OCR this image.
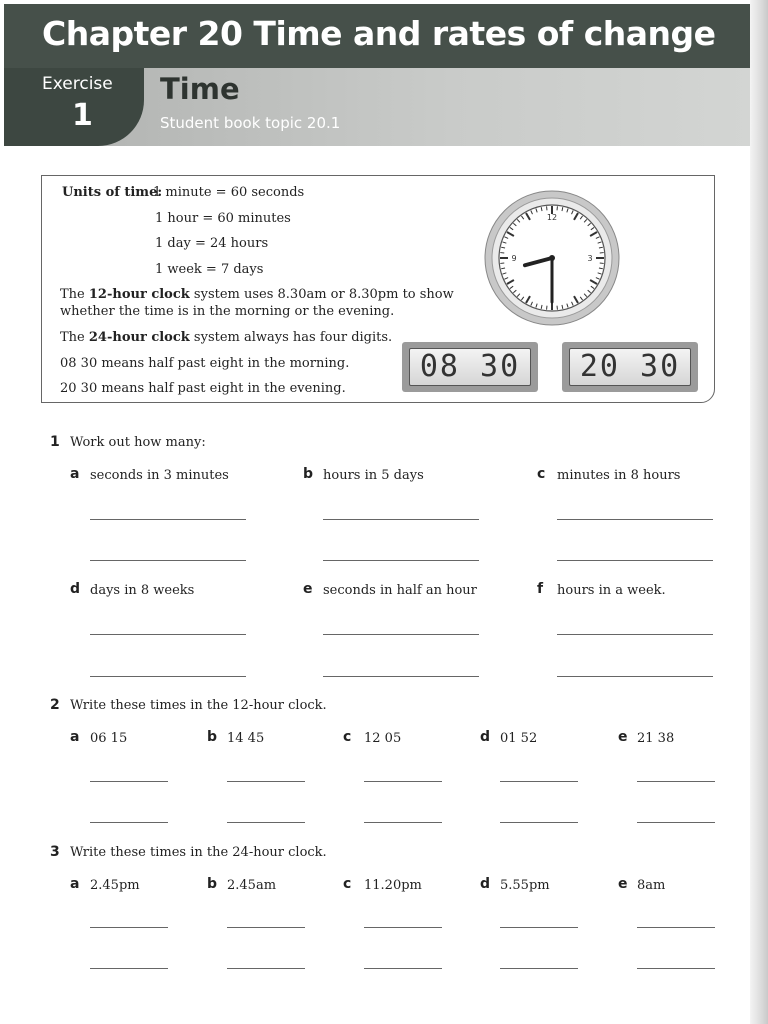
Chapter 20 Time and rates of change
Time
Student book topic 20.1
Exercise
1
Units of time:
1 minute = 60 seconds
1 hour = 60 minutes
1 day = 24 hours
1 week = 7 days
The 12-hour clock system uses 8.30am or 8.30pm to show
whether the time is in the morning or the evening.
The 24-hour clock system always has four digits.
08 30 means half past eight in the morning.
20 30 means half past eight in the evening.
12
3
9
08 30	20 30
1 Work out how many:
a seconds in 3 minutes	b hours in 5 days	c minutes in 8 hours
d days in 8 weeks	e seconds in half an hour	f hours in a week.
2 Write these times in the 12-hour clock.
a 06 15	b 14 45	c 12 05	d 01 52	e 21 38
3 Write these times in the 24-hour clock.
a 2.45pm	b 2.45am	c 11.20pm	d 5.55pm	e 8am
